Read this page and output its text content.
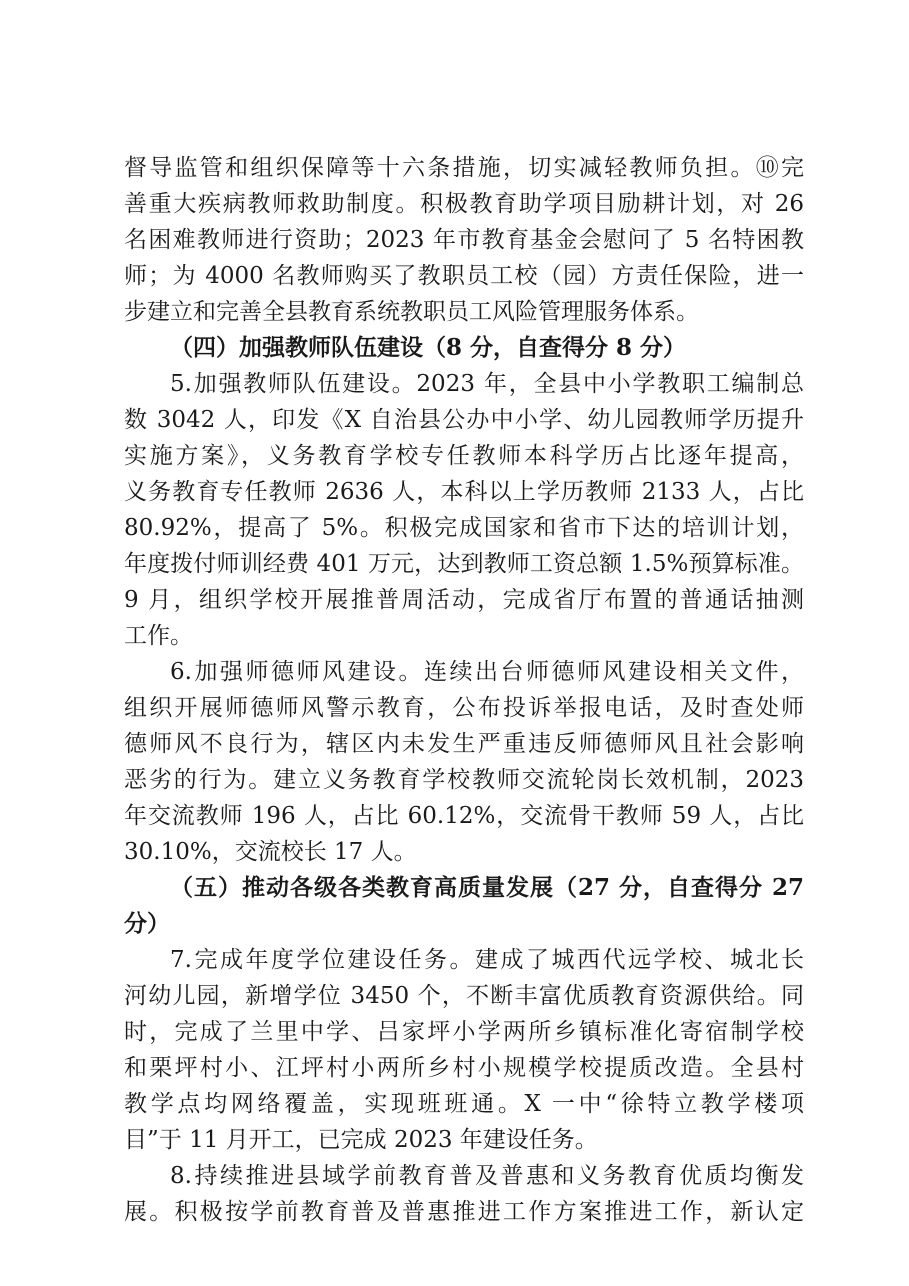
督导监管和组织保障等十六条措施，切实减轻教师负担。⑩完
善重大疾病教师救助制度。积极教育助学项目励耕计划，对 26
名困难教师进行资助；2023 年市教育基金会慰问了 5 名特困教
师；为 4000 名教师购买了教职员工校（园）方责任保险，进一
步建立和完善全县教育系统教职员工风险管理服务体系。
（四）加强教师队伍建设（8 分，自查得分 8 分）
5.加强教师队伍建设。2023 年，全县中小学教职工编制总
数 3042 人，印发《X 自治县公办中小学、幼儿园教师学历提升
实施方案》，义务教育学校专任教师本科学历占比逐年提高，
义务教育专任教师 2636 人，本科以上学历教师 2133 人，占比
80.92%，提高了 5%。积极完成国家和省市下达的培训计划，
年度拨付师训经费 401 万元，达到教师工资总额 1.5%预算标准。
9 月，组织学校开展推普周活动，完成省厅布置的普通话抽测
工作。
6.加强师德师风建设。连续出台师德师风建设相关文件，
组织开展师德师风警示教育，公布投诉举报电话，及时查处师
德师风不良行为，辖区内未发生严重违反师德师风且社会影响
恶劣的行为。建立义务教育学校教师交流轮岗长效机制，2023
年交流教师 196 人，占比 60.12%，交流骨干教师 59 人，占比
30.10%，交流校长 17 人。
（五）推动各级各类教育高质量发展（27 分，自查得分 27
分）
7.完成年度学位建设任务。建成了城西代远学校、城北长
河幼儿园，新增学位 3450 个，不断丰富优质教育资源供给。同
时，完成了兰里中学、吕家坪小学两所乡镇标准化寄宿制学校
和栗坪村小、江坪村小两所乡村小规模学校提质改造。全县村
教学点均网络覆盖，实现班班通。X 一中“徐特立教学楼项
目”于 11 月开工，已完成 2023 年建设任务。
8.持续推进县域学前教育普及普惠和义务教育优质均衡发
展。积极按学前教育普及普惠推进工作方案推进工作，新认定
